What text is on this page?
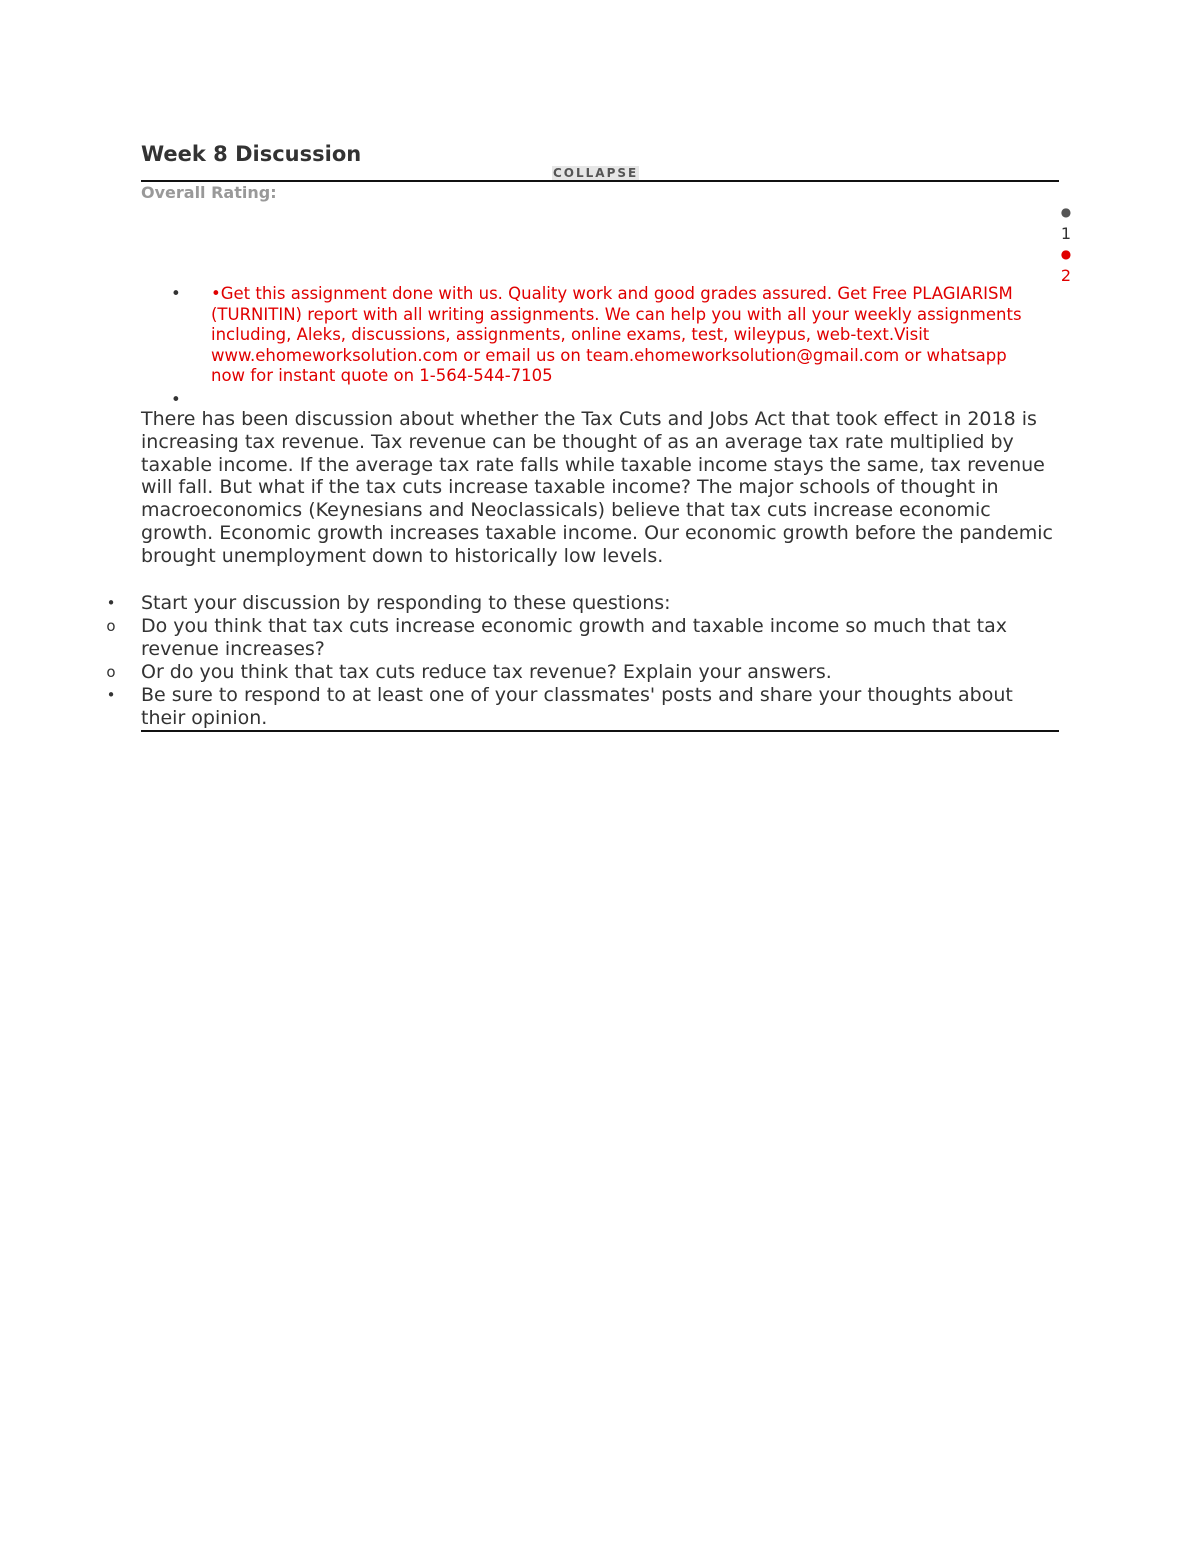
Week 8 Discussion
COLLAPSE
Overall Rating:
●
1
●
2
• •Get this assignment done with us. Quality work and good grades assured. Get Free PLAGIARISM (TURNITIN) report with all writing assignments. We can help you with all your weekly assignments including, Aleks, discussions, assignments, online exams, test, wileypus, web-text.Visit www.ehomeworksolution.com or email us on team.ehomeworksolution@gmail.com or whatsapp now for instant quote on 1-564-544-7105
•
There has been discussion about whether the Tax Cuts and Jobs Act that took effect in 2018 is increasing tax revenue. Tax revenue can be thought of as an average tax rate multiplied by taxable income. If the average tax rate falls while taxable income stays the same, tax revenue will fall. But what if the tax cuts increase taxable income? The major schools of thought in macroeconomics (Keynesians and Neoclassicals) believe that tax cuts increase economic growth. Economic growth increases taxable income. Our economic growth before the pandemic brought unemployment down to historically low levels.
• Start your discussion by responding to these questions:
o Do you think that tax cuts increase economic growth and taxable income so much that tax revenue increases?
o Or do you think that tax cuts reduce tax revenue? Explain your answers.
• Be sure to respond to at least one of your classmates' posts and share your thoughts about their opinion.
